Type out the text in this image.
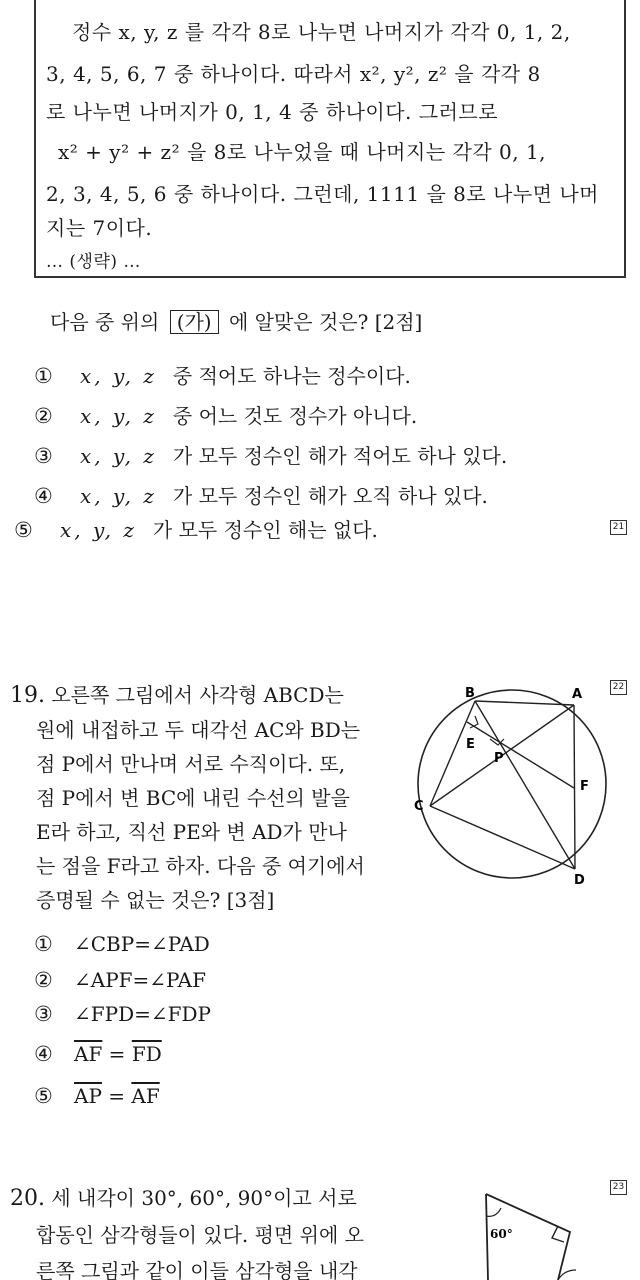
정수 x, y, z 를 각각 8로 나누면 나머지가 각각 0, 1, 2,
3, 4, 5, 6, 7 중 하나이다. 따라서 x², y², z² 을 각각 8
로 나누면 나머지가 0, 1, 4 중 하나이다. 그러므로
x² + y² + z² 을 8로 나누었을 때 나머지는 각각 0, 1,
2, 3, 4, 5, 6 중 하나이다. 그런데, 1111 을 8로 나누면 나머
지는 7이다.
… (생략) …
다음 중 위의 (가) 에 알맞은 것은? [2점]
①	x, y, z 중 적어도 하나는 정수이다.
②	x, y, z 중 어느 것도 정수가 아니다.
③	x, y, z 가 모두 정수인 해가 적어도 하나 있다.
④	x, y, z 가 모두 정수인 해가 오직 하나 있다.
⑤	x, y, z 가 모두 정수인 해는 없다.	21
19. 오른쪽 그림에서 사각형 ABCD는
원에 내접하고 두 대각선 AC와 BD는
점 P에서 만나며 서로 수직이다. 또,
점 P에서 변 BC에 내린 수선의 발을
E라 하고, 직선 PE와 변 AD가 만나
는 점을 F라고 하자. 다음 중 여기에서
증명될 수 없는 것은? [3점]
B	A
C
D
E
F
P
22
①	∠CBP=∠PAD
②	∠APF=∠PAF
③	∠FPD=∠FDP
④	$\overline{AF} = \overline{FD}$
⑤	$\overline{AP} = \overline{AF}$
20. 세 내각이 30°, 60°, 90°이고 서로
합동인 삼각형들이 있다. 평면 위에 오
른쪽 그림과 같이 이들 삼각형을 내각
60°
23
